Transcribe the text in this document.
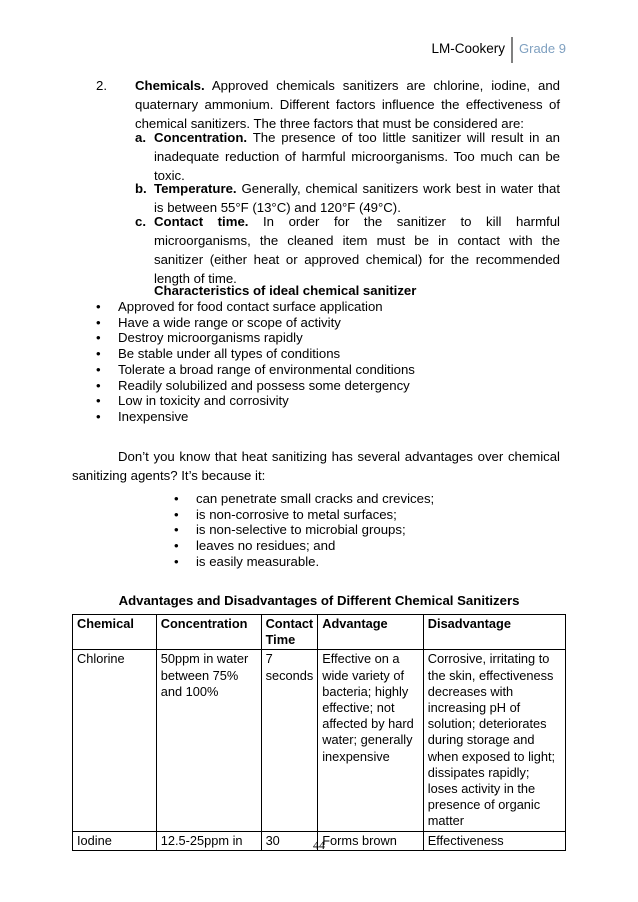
LM-Cookery	Grade 9
2. Chemicals. Approved chemicals sanitizers are chlorine, iodine, and quaternary ammonium. Different factors influence the effectiveness of chemical sanitizers. The three factors that must be considered are:
a. Concentration. The presence of too little sanitizer will result in an inadequate reduction of harmful microorganisms. Too much can be toxic.
b. Temperature. Generally, chemical sanitizers work best in water that is between 55°F (13°C) and 120°F (49°C).
c. Contact time. In order for the sanitizer to kill harmful microorganisms, the cleaned item must be in contact with the sanitizer (either heat or approved chemical) for the recommended length of time.
Characteristics of ideal chemical sanitizer
• Approved for food contact surface application
• Have a wide range or scope of activity
• Destroy microorganisms rapidly
• Be stable under all types of conditions
• Tolerate a broad range of environmental conditions
• Readily solubilized and possess some detergency
• Low in toxicity and corrosivity
• Inexpensive
Don’t you know that heat sanitizing has several advantages over chemical sanitizing agents? It’s because it:
• can penetrate small cracks and crevices;
• is non-corrosive to metal surfaces;
• is non-selective to microbial groups;
• leaves no residues; and
• is easily measurable.
Advantages and Disadvantages of Different Chemical Sanitizers
Chemical	Concentration	Contact Time	Advantage	Disadvantage
Chlorine	50ppm in water between 75% and 100%	7 seconds	Effective on a wide variety of bacteria; highly effective; not affected by hard water; generally inexpensive	Corrosive, irritating to the skin, effectiveness decreases with increasing pH of solution; deteriorates during storage and when exposed to light; dissipates rapidly; loses activity in the presence of organic matter
Iodine	12.5-25ppm in	30	Forms brown	Effectiveness
44
